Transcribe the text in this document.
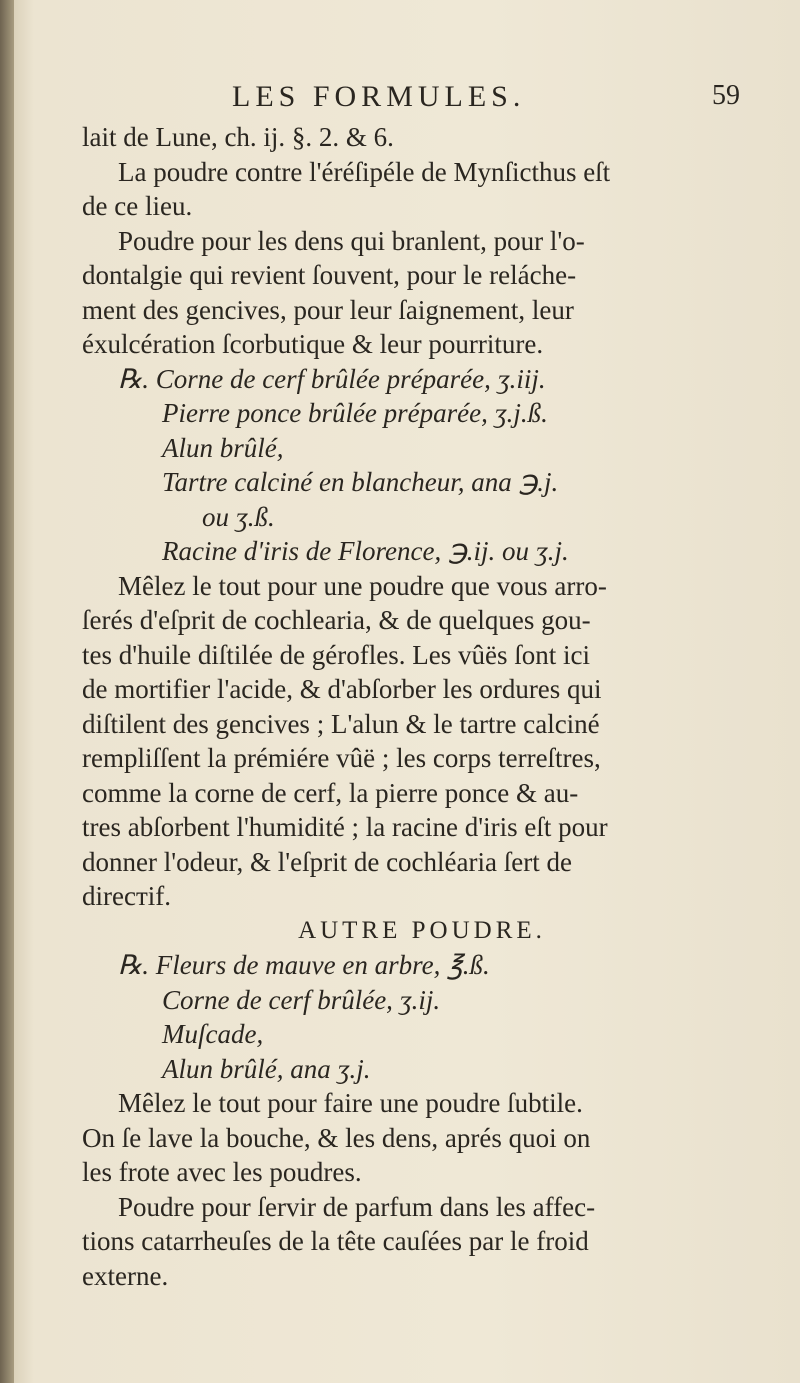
LES FORMULES.	59
lait de Lune, ch. ij. §. 2. & 6.
La poudre contre l'éréſipéle de Mynſicthus eſt
de ce lieu.
Poudre pour les dens qui branlent, pour l'o-
dontalgie qui revient ſouvent, pour le reláche-
ment des gencives, pour leur ſaignement, leur
éxulcération ſcorbutique & leur pourriture.
℞. Corne de cerf brûlée préparée, ʒ.iij.
Pierre ponce brûlée préparée, ʒ.j.ß.
Alun brûlé,
Tartre calciné en blancheur, ana ℈.j.
ou ʒ.ß.
Racine d'iris de Florence, ℈.ij. ou ʒ.j.
Mêlez le tout pour une poudre que vous arro-
ſerés d'eſprit de cochlearia, & de quelques gou-
tes d'huile diſtilée de gérofles. Les vûës ſont ici
de mortifier l'acide, & d'abſorber les ordures qui
diſtilent des gencives ; L'alun & le tartre calciné
rempliſſent la prémiére vûë ; les corps terreſtres,
comme la corne de cerf, la pierre ponce & au-
tres abſorbent l'humidité ; la racine d'iris eſt pour
donner l'odeur, & l'eſprit de cochléaria ſert de
direcтif.
AUTRE POUDRE.
℞. Fleurs de mauve en arbre, ℥.ß.
Corne de cerf brûlée, ʒ.ij.
Muſcade,
Alun brûlé, ana ʒ.j.
Mêlez le tout pour faire une poudre ſubtile.
On ſe lave la bouche, & les dens, aprés quoi on
les frote avec les poudres.
Poudre pour ſervir de parfum dans les affec-
tions catarrheuſes de la tête cauſées par le froid
externe.
